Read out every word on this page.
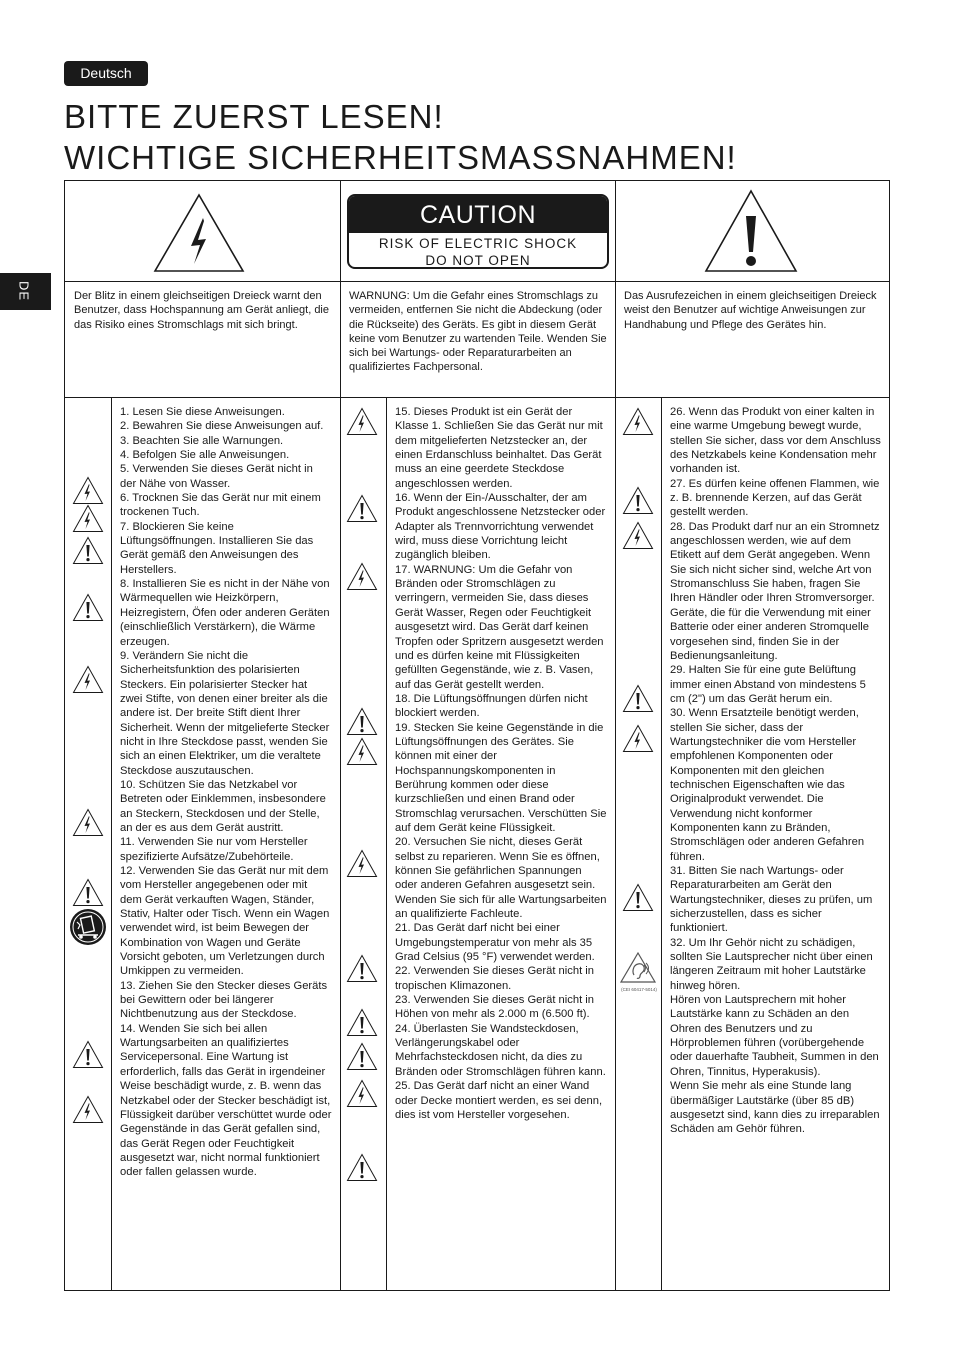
Deutsch
BITTE ZUERST LESEN!
WICHTIGE SICHERHEITSMASSNAHMEN!
DE
CAUTION
RISK OF ELECTRIC SHOCK
DO NOT OPEN
Der Blitz in einem gleichseitigen Dreieck warnt den Benutzer, dass Hochspannung am Gerät anliegt, die das Risiko eines Stromschlags mit sich bringt.
WARNUNG: Um die Gefahr eines Stromschlags zu vermeiden, entfernen Sie nicht die Abdeckung (oder die Rückseite) des Geräts. Es gibt in diesem Gerät keine vom Benutzer zu wartenden Teile. Wenden Sie sich bei Wartungs- oder Reparaturarbeiten an qualifiziertes Fachpersonal.
Das Ausrufezeichen in einem gleichseitigen Dreieck weist den Benutzer auf wichtige Anweisungen zur Handhabung und Pflege des Gerätes hin.

1. Lesen Sie diese Anweisungen.

2. Bewahren Sie diese Anweisungen auf.

3. Beachten Sie alle Warnungen.

4. Befolgen Sie alle Anweisungen.

5. Verwenden Sie dieses Gerät nicht in der Nähe von Wasser.

6. Trocknen Sie das Gerät nur mit einem trockenen Tuch.

7. Blockieren Sie keine Lüftungsöffnungen. Installieren Sie das Gerät gemäß den Anweisungen des Herstellers.

8. Installieren Sie es nicht in der Nähe von Wärmequellen wie Heizkörpern, Heizregistern, Öfen oder anderen Geräten (einschließlich Verstärkern), die Wärme erzeugen.

9. Verändern Sie nicht die Sicherheitsfunktion des polarisierten Steckers. Ein polarisierter Stecker hat zwei Stifte, von denen einer breiter als die andere ist. Der breite Stift dient Ihrer Sicherheit. Wenn der mitgelieferte Stecker nicht in Ihre Steckdose passt, wenden Sie sich an einen Elektriker, um die veraltete Steckdose auszutauschen.

10. Schützen Sie das Netzkabel vor Betreten oder Einklemmen, insbesondere an Steckern, Steckdosen und der Stelle, an der es aus dem Gerät austritt.

11. Verwenden Sie nur vom Hersteller spezifizierte Aufsätze/Zubehörteile.

12. Verwenden Sie das Gerät nur mit dem vom Hersteller angegebenen oder mit dem Gerät verkauften Wagen, Ständer, Stativ, Halter oder Tisch. Wenn ein Wagen verwendet wird, ist beim Bewegen der Kombination von Wagen und Geräte Vorsicht geboten, um Verletzungen durch Umkippen zu vermeiden.

13. Ziehen Sie den Stecker dieses Geräts bei Gewittern oder bei längerer Nichtbenutzung aus der Steckdose.

14. Wenden Sie sich bei allen Wartungsarbeiten an qualifiziertes Servicepersonal. Eine Wartung ist erforderlich, falls das Gerät in irgendeiner Weise beschädigt wurde, z. B. wenn das Netzkabel oder der Stecker beschädigt ist, Flüssigkeit darüber verschüttet wurde oder Gegenstände in das Gerät gefallen sind, das Gerät Regen oder Feuchtigkeit ausgesetzt war, nicht normal funktioniert oder fallen gelassen wurde.

15. Dieses Produkt ist ein Gerät der Klasse 1. Schließen Sie das Gerät nur mit dem mitgelieferten Netzstecker an, der einen Erdanschluss beinhaltet. Das Gerät muss an eine geerdete Steckdose angeschlossen werden.

16. Wenn der Ein-/Ausschalter, der am Produkt angeschlossene Netzstecker oder Adapter als Trennvorrichtung verwendet wird, muss diese Vorrichtung leicht zugänglich bleiben.

17. WARNUNG: Um die Gefahr von Bränden oder Stromschlägen zu verringern, vermeiden Sie, dass dieses Gerät Wasser, Regen oder Feuchtigkeit ausgesetzt wird. Das Gerät darf keinen Tropfen oder Spritzern ausgesetzt werden und es dürfen keine mit Flüssigkeiten gefüllten Gegenstände, wie z. B. Vasen, auf das Gerät gestellt werden.

18. Die Lüftungsöffnungen dürfen nicht blockiert werden.

19. Stecken Sie keine Gegenstände in die Lüftungsöffnungen des Gerätes. Sie können mit einer der Hochspannungskomponenten in Berührung kommen oder diese kurzschließen und einen Brand oder Stromschlag verursachen. Verschütten Sie auf dem Gerät keine Flüssigkeit.

20. Versuchen Sie nicht, dieses Gerät selbst zu reparieren. Wenn Sie es öffnen, können Sie gefährlichen Spannungen oder anderen Gefahren ausgesetzt sein. Wenden Sie sich für alle Wartungsarbeiten an qualifizierte Fachleute.

21. Das Gerät darf nicht bei einer Umgebungstemperatur von mehr als 35 Grad Celsius (95 °F) verwendet werden.

22. Verwenden Sie dieses Gerät nicht in tropischen Klimazonen.

23. Verwenden Sie dieses Gerät nicht in Höhen von mehr als 2.000 m (6.500 ft).

24. Überlasten Sie Wandsteckdosen, Verlängerungskabel oder Mehrfachsteckdosen nicht, da dies zu Bränden oder Stromschlägen führen kann.

25. Das Gerät darf nicht an einer Wand oder Decke montiert werden, es sei denn, dies ist vom Hersteller vorgesehen.

26. Wenn das Produkt von einer kalten in eine warme Umgebung bewegt wurde, stellen Sie sicher, dass vor dem Anschluss des Netzkabels keine Kondensation mehr vorhanden ist.

27. Es dürfen keine offenen Flammen, wie z. B. brennende Kerzen, auf das Gerät gestellt werden.

28. Das Produkt darf nur an ein Stromnetz angeschlossen werden, wie auf dem Etikett auf dem Gerät angegeben. Wenn Sie sich nicht sicher sind, welche Art von Stromanschluss Sie haben, fragen Sie Ihren Händler oder Ihren Stromversorger. Geräte, die für die Verwendung mit einer Batterie oder einer anderen Stromquelle vorgesehen sind, finden Sie in der Bedienungsanleitung.

29. Halten Sie für eine gute Belüftung immer einen Abstand von mindestens 5 cm (2") um das Gerät herum ein.

30. Wenn Ersatzteile benötigt werden, stellen Sie sicher, dass der Wartungstechniker die vom Hersteller empfohlenen Komponenten oder Komponenten mit den gleichen technischen Eigenschaften wie das Originalprodukt verwendet. Die Verwendung nicht konformer Komponenten kann zu Bränden, Stromschlägen oder anderen Gefahren führen.

31. Bitten Sie nach Wartungs- oder Reparaturarbeiten am Gerät den Wartungstechniker, dieses zu prüfen, um sicherzustellen, dass es sicher funktioniert.

32. Um Ihr Gehör nicht zu schädigen, sollten Sie Lautsprecher nicht über einen längeren Zeitraum mit hoher Lautstärke hinweg hören.

Hören von Lautsprechern mit hoher Lautstärke kann zu Schäden an den Ohren des Benutzers und zu Hörproblemen führen (vorübergehende oder dauerhafte Taubheit, Summen in den Ohren, Tinnitus, Hyperakusis).

Wenn Sie mehr als eine Stunde lang übermäßiger Lautstärke (über 85 dB) ausgesetzt sind, kann dies zu irreparablen Schäden am Gehör führen.

(CEI 60417-5014)
